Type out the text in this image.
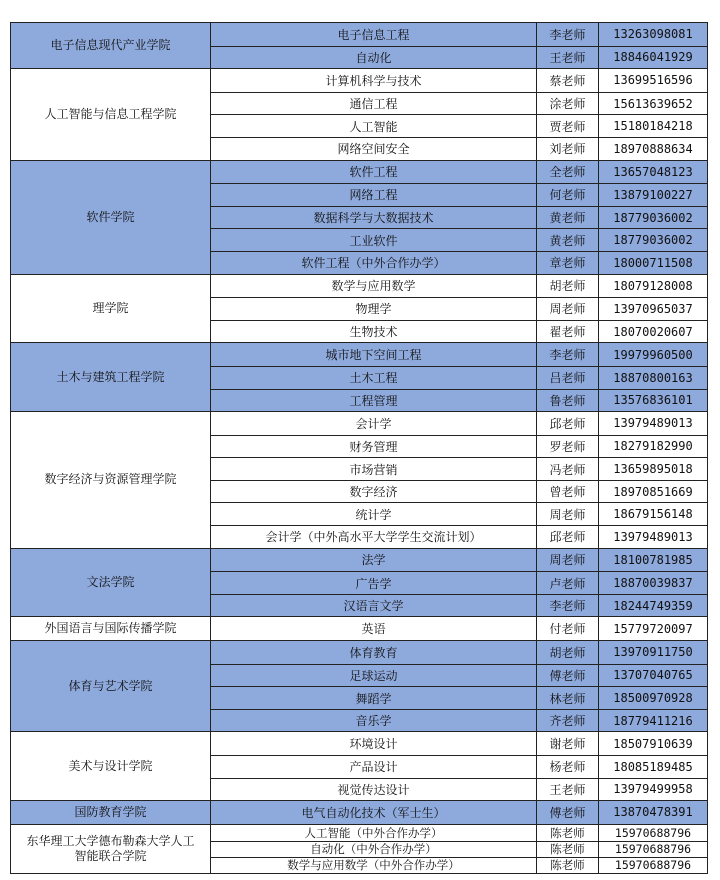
电子信息现代产业学院
电子信息工程	李老师	13263098081
自动化	王老师	18846041929
人工智能与信息工程学院
计算机科学与技术	蔡老师	13699516596
通信工程	涂老师	15613639652
人工智能	贾老师	15180184218
网络空间安全	刘老师	18970888634
软件学院
软件工程	全老师	13657048123
网络工程	何老师	13879100227
数据科学与大数据技术	黄老师	18779036002
工业软件	黄老师	18779036002
软件工程（中外合作办学）	章老师	18000711508
理学院
数学与应用数学	胡老师	18079128008
物理学	周老师	13970965037
生物技术	翟老师	18070020607
土木与建筑工程学院
城市地下空间工程	李老师	19979960500
土木工程	吕老师	18870800163
工程管理	鲁老师	13576836101
数字经济与资源管理学院
会计学	邱老师	13979489013
财务管理	罗老师	18279182990
市场营销	冯老师	13659895018
数字经济	曾老师	18970851669
统计学	周老师	18679156148
会计学（中外高水平大学学生交流计划）	邱老师	13979489013
文法学院
法学	周老师	18100781985
广告学	卢老师	18870039837
汉语言文学	李老师	18244749359
外国语言与国际传播学院	英语	付老师	15779720097
体育与艺术学院
体育教育	胡老师	13970911750
足球运动	傅老师	13707040765
舞蹈学	林老师	18500970928
音乐学	齐老师	18779411216
美术与设计学院
环境设计	谢老师	18507910639
产品设计	杨老师	18085189485
视觉传达设计	王老师	13979499958
国防教育学院	电气自动化技术（军士生）	傅老师	13870478391
东华理工大学德布勒森大学人工智能联合学院
人工智能（中外合作办学）	陈老师	15970688796
自动化（中外合作办学）	陈老师	15970688796
数学与应用数学（中外合作办学）	陈老师	15970688796
